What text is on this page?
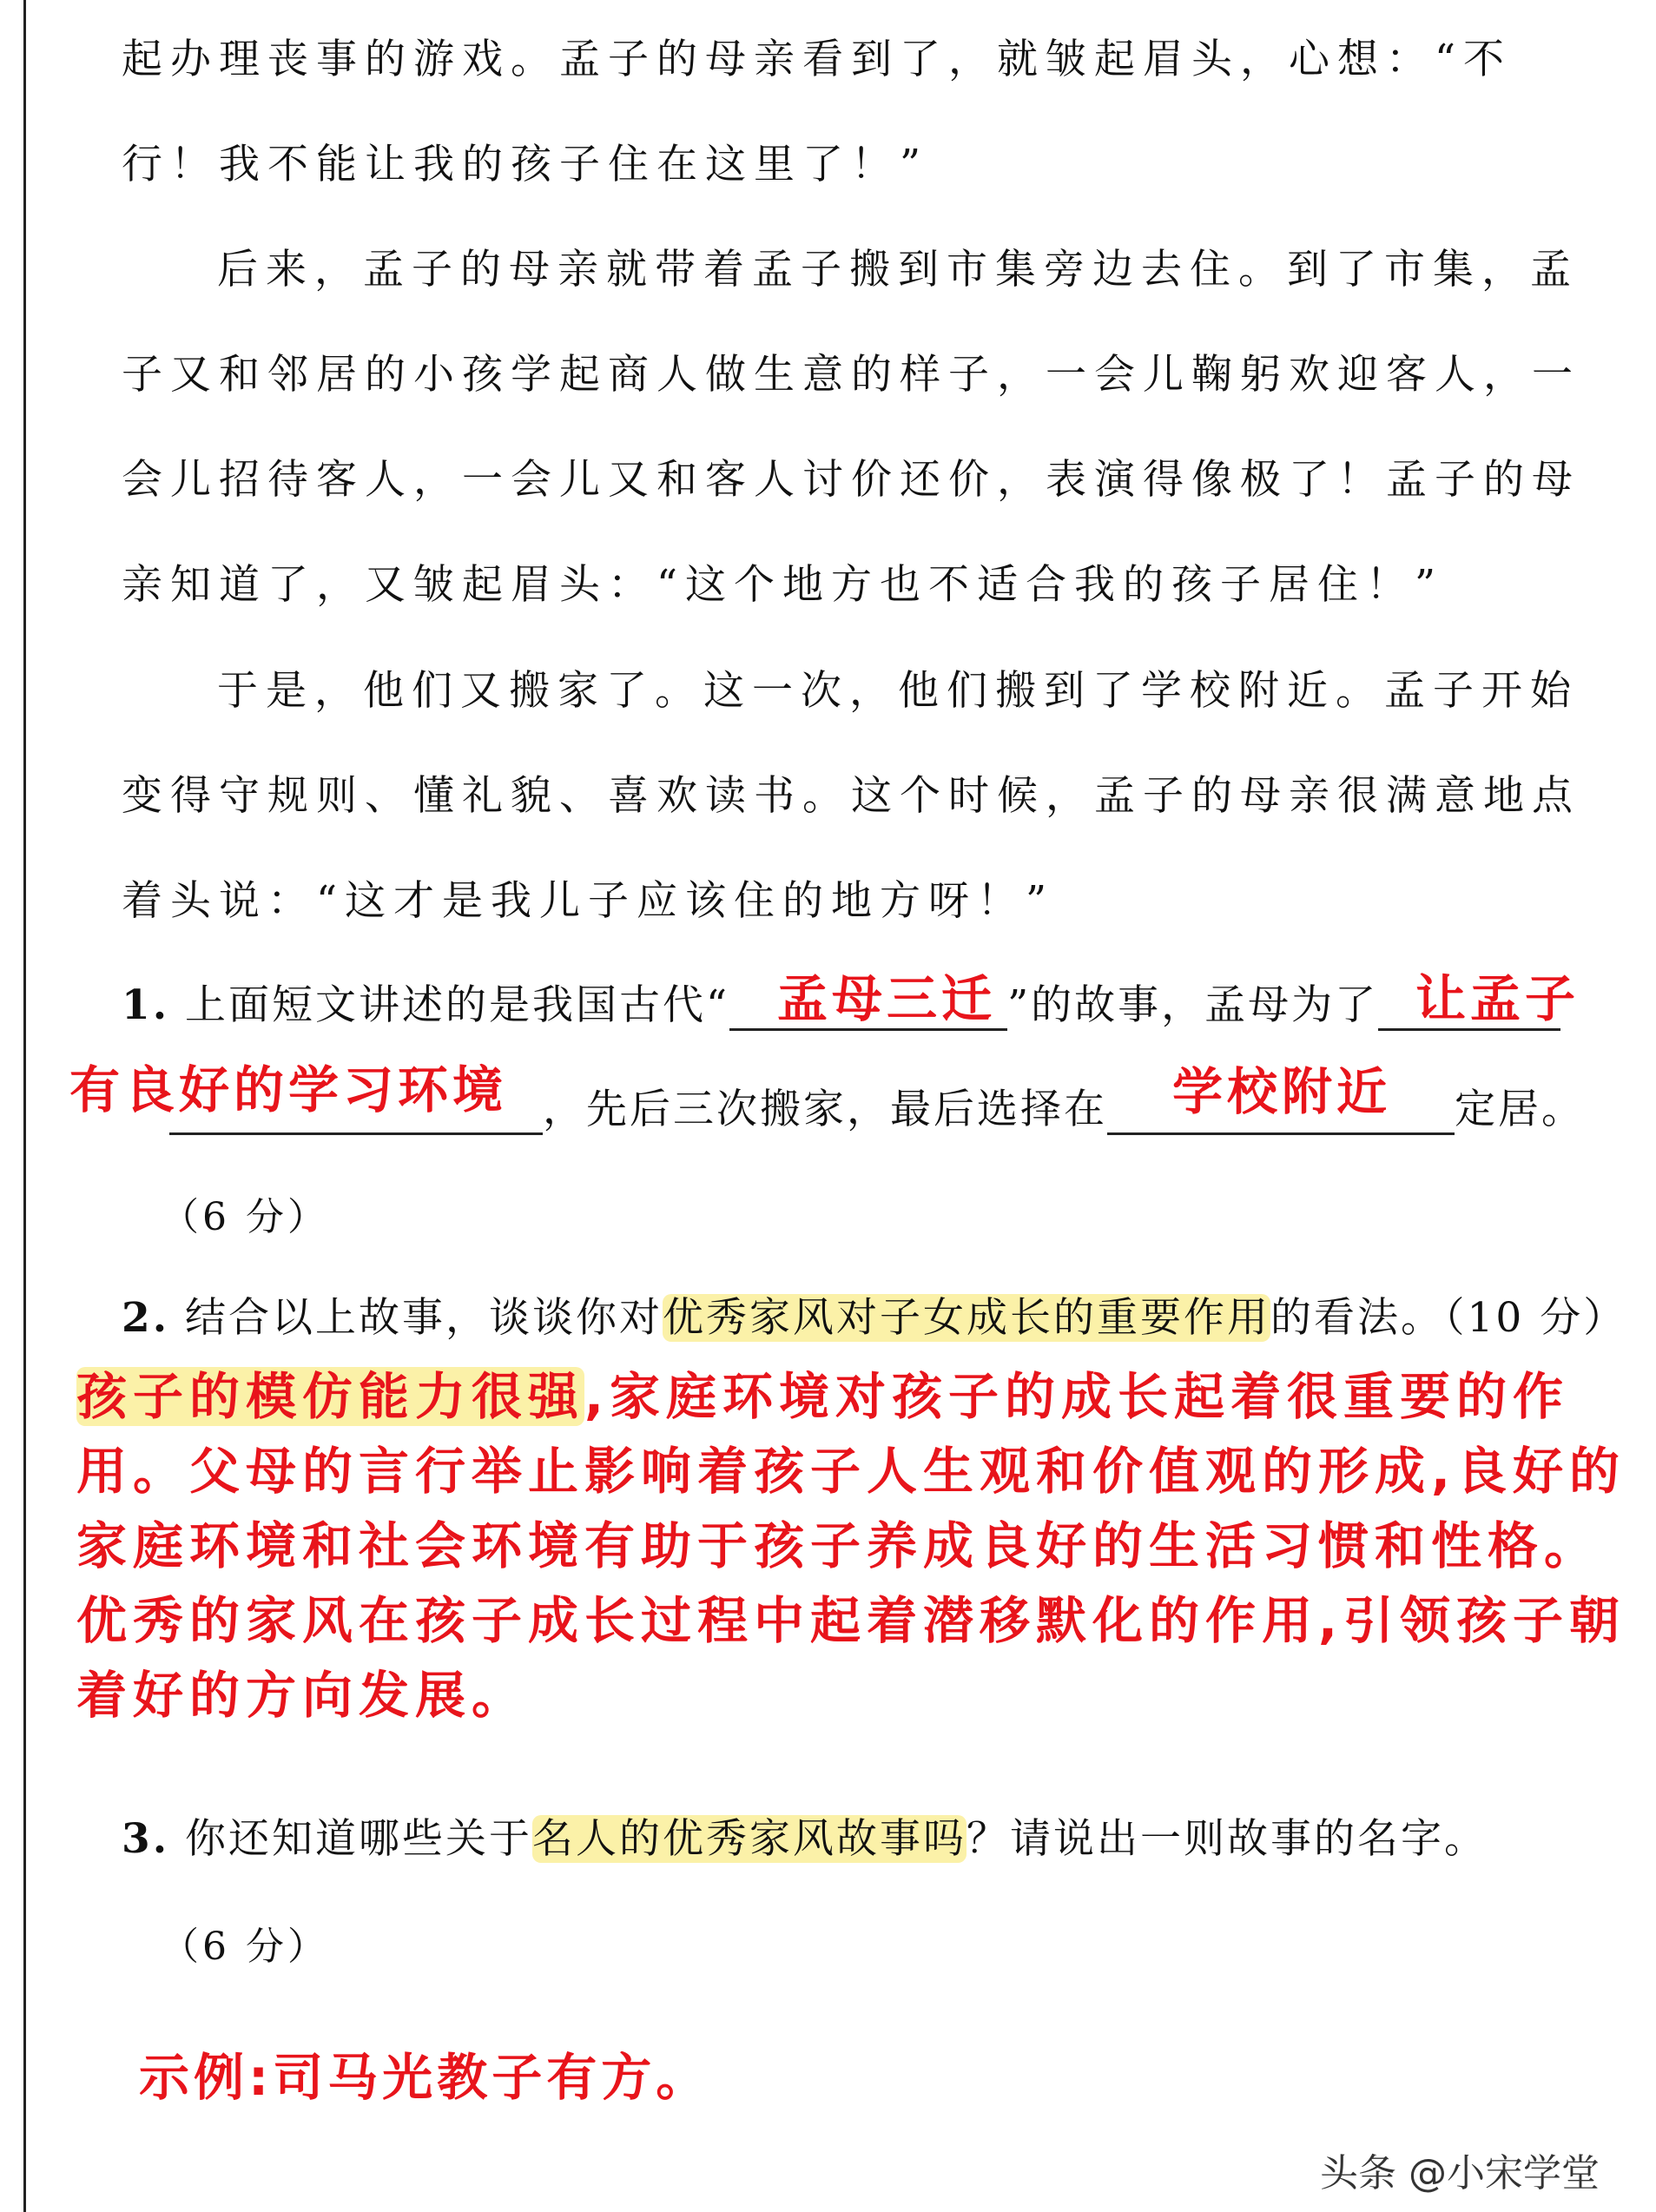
起办理丧事的游戏。孟子的母亲看到了，就皱起眉头，心想：“不行！我不能让我的孩子住在这里了！”
后来，孟子的母亲就带着孟子搬到市集旁边去住。到了市集，孟子又和邻居的小孩学起商人做生意的样子，一会儿鞠躬欢迎客人，一会儿招待客人，一会儿又和客人讨价还价，表演得像极了！孟子的母亲知道了，又皱起眉头：“这个地方也不适合我的孩子居住！”
于是，他们又搬家了。这一次，他们搬到了学校附近。孟子开始变得守规则、懂礼貌、喜欢读书。这个时候，孟子的母亲很满意地点着头说：“这才是我儿子应该住的地方呀！”
1. 上面短文讲述的是我国古代“	”的故事，孟母为了
孟母三迁	让孟子
，先后三次搬家，最后选择在	定居。
有良好的学习环境	学校附近
（6 分）
2. 结合以上故事，谈谈你对优秀家风对子女成长的重要作用的看法。（10 分）
孩子的模仿能力很强,家庭环境对孩子的成长起着很重要的作用。父母的言行举止影响着孩子人生观和价值观的形成,良好的家庭环境和社会环境有助于孩子养成良好的生活习惯和性格。优秀的家风在孩子成长过程中起着潜移默化的作用,引领孩子朝着好的方向发展。
3. 你还知道哪些关于名人的优秀家风故事吗？请说出一则故事的名字。
（6 分）
示例:司马光教子有方。
头条 @小宋学堂
